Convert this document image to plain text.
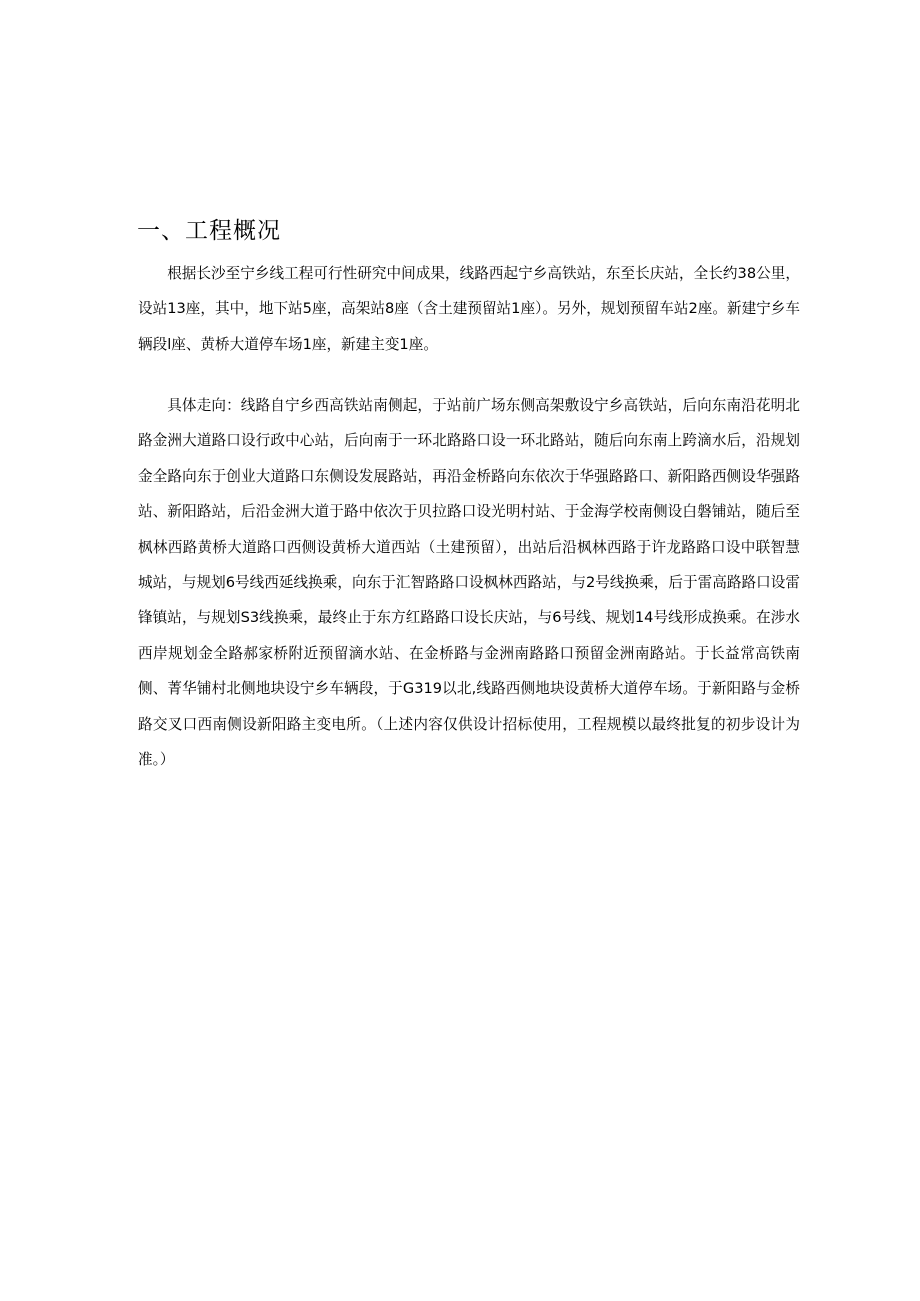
一、工程概况

根据长沙至宁乡线工程可行性研究中间成果，线路西起宁乡高铁站，东至长庆站，全长约38公里，设站13座，其中，地下站5座，高架站8座（含土建预留站1座）。另外，规划预留车站2座。新建宁乡车辆段l座、黄桥大道停车场1座，新建主变1座。

具体走向：线路自宁乡西高铁站南侧起，于站前广场东侧高架敷设宁乡高铁站，后向东南沿花明北路金洲大道路口设行政中心站，后向南于一环北路路口设一环北路站，随后向东南上跨滴水后，沿规划金全路向东于创业大道路口东侧设发展路站，再沿金桥路向东依次于华强路路口、新阳路西侧设华强路站、新阳路站，后沿金洲大道于路中依次于贝拉路口设光明村站、于金海学校南侧设白磐铺站，随后至枫林西路黄桥大道路口西侧设黄桥大道西站（土建预留），出站后沿枫林西路于许龙路路口设中联智慧城站，与规划6号线西延线换乘，向东于汇智路路口设枫林西路站，与2号线换乘，后于雷高路路口设雷锋镇站，与规划S3线换乘，最终止于东方红路路口设长庆站，与6号线、规划14号线形成换乘。在涉水西岸规划金全路郝家桥附近预留滴水站、在金桥路与金洲南路路口预留金洲南路站。于长益常高铁南侧、菁华铺村北侧地块设宁乡车辆段，于G319以北,线路西侧地块设黄桥大道停车场。于新阳路与金桥路交叉口西南侧设新阳路主变电所。（上述内容仅供设计招标使用，工程规模以最终批复的初步设计为准。）
